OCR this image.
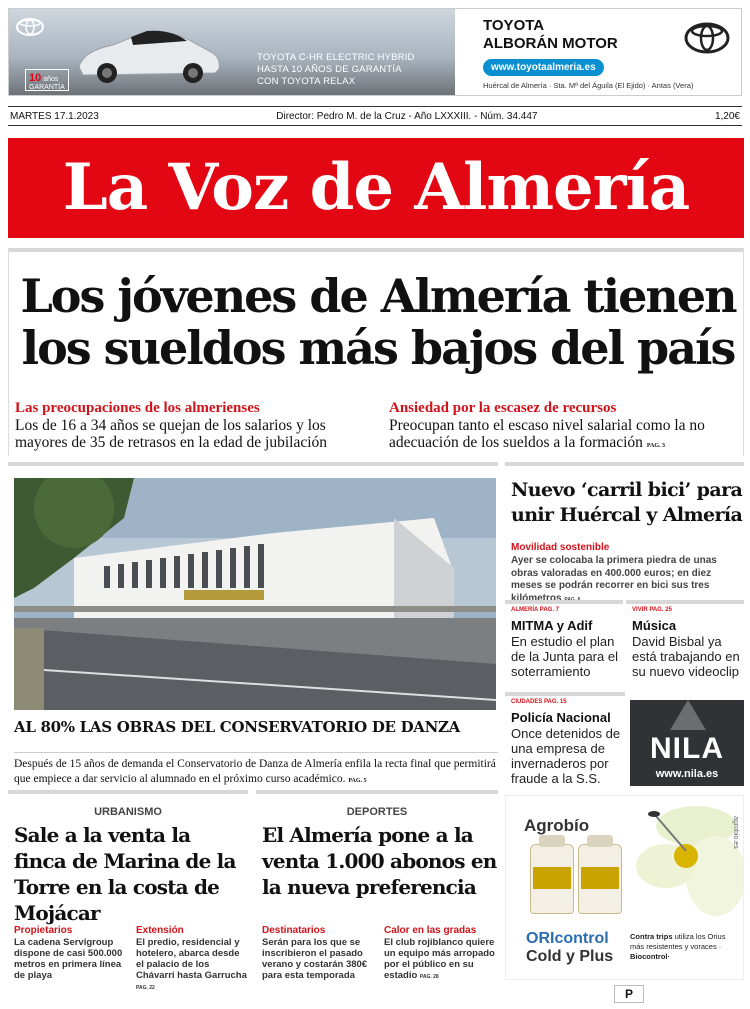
10 años
GARANTÍA
TOYOTA C-HR ELECTRIC HYBRID
HASTA 10 AÑOS DE GARANTÍA
CON TOYOTA RELAX
TOYOTA
ALBORÁN MOTOR
www.toyotaalmeria.es
Huércal de Almería · Sta. Mª del Águila (El Ejido) · Antas (Vera)
MARTES 17.1.2023	Director: Pedro M. de la Cruz - Año LXXXIII. - Núm. 34.447	1,20€
La Voz de Almería
Los jóvenes de Almería tienen los sueldos más bajos del país
Las preocupaciones de los almerienses
Los de 16 a 34 años se quejan de los salarios y los mayores de 35 de retrasos en la edad de jubilación
Ansiedad por la escasez de recursos
Preocupan tanto el escaso nivel salarial como la no adecuación de los sueldos a la formación PAG. 3
AL 80% LAS OBRAS DEL CONSERVATORIO DE DANZA

Después de 15 años de demanda el Conservatorio de Danza de Almería enfila la recta final que permitirá que empiece a dar servicio al alumnado en el próximo curso académico. PAG. 5

Nuevo ‘carril bici’ para unir Huércal y Almería
Movilidad sostenible
Ayer se colocaba la primera piedra de unas obras valoradas en 400.000 euros; en diez meses se podrán recorrer en bici sus tres kilómetros PAG. 6
ALMERÍA PAG. 7
MITMA y Adif
En estudio el plan de la Junta para el soterramiento
VIVIR PAG. 25
Música
David Bisbal ya está trabajando en su nuevo videoclip
CIUDADES PAG. 15
Policía Nacional
Once detenidos de una empresa de invernaderos por fraude a la S.S.
NILA
www.nila.es
URBANISMO
Sale a la venta la finca de Marina de la Torre en la costa de Mojácar
Propietarios
La cadena Servigroup dispone de casi 500.000 metros en primera línea de playa
Extensión
El predio, residencial y hotelero, abarca desde el palacio de los Chávarri hasta Garrucha PAG. 22
DEPORTES
El Almería pone a la venta 1.000 abonos en la nueva preferencia
Destinatarios
Serán para los que se inscribieron el pasado verano y costarán 380€ para esta temporada
Calor en las gradas
El club rojiblanco quiere un equipo más arropado por el público en su estadio PAG. 28
Agrobío
ORIcontrol
Cold y Plus
Contra trips utiliza los Orius más resistentes y voraces · Biocontrol·
agrobio.es
P
